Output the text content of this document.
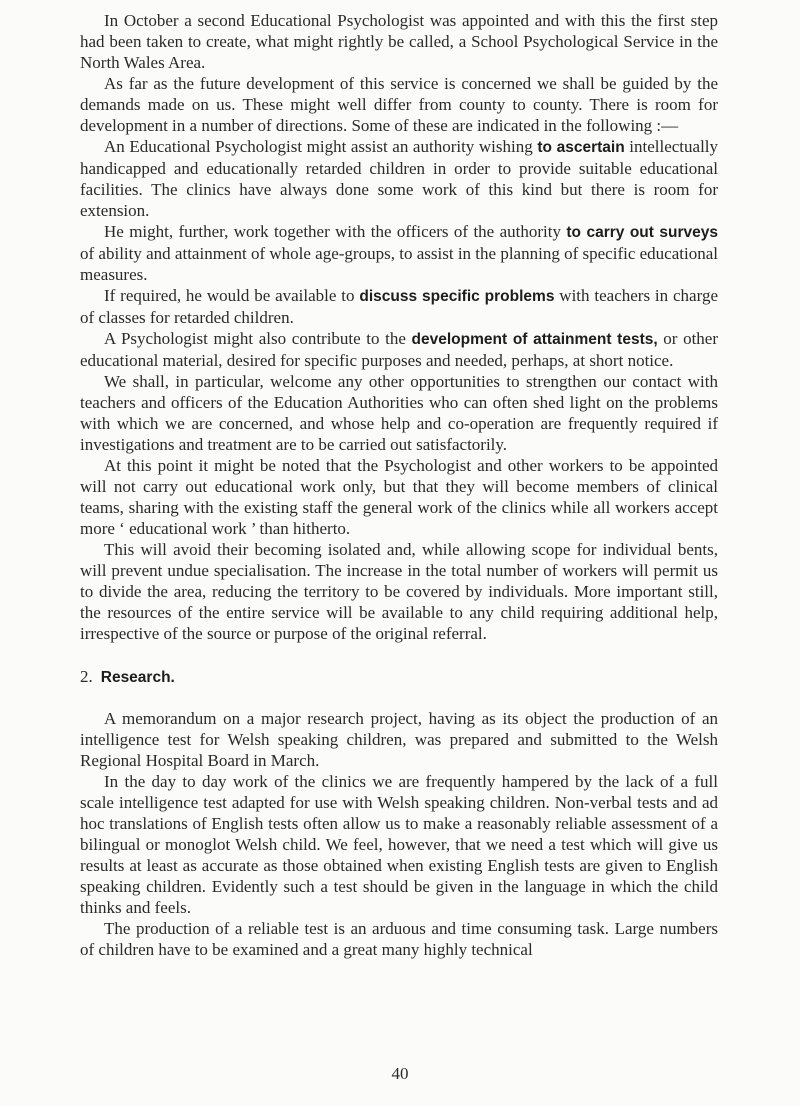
In October a second Educational Psychologist was appointed and with this the first step had been taken to create, what might rightly be called, a School Psychological Service in the North Wales Area.

As far as the future development of this service is concerned we shall be guided by the demands made on us. These might well differ from county to county. There is room for development in a number of directions. Some of these are indicated in the following :—

An Educational Psychologist might assist an authority wishing to ascertain intellectually handicapped and educationally retarded children in order to provide suitable educational facilities. The clinics have always done some work of this kind but there is room for extension.

He might, further, work together with the officers of the authority to carry out surveys of ability and attainment of whole age-groups, to assist in the planning of specific educational measures.

If required, he would be available to discuss specific problems with teachers in charge of classes for retarded children.

A Psychologist might also contribute to the development of attainment tests, or other educational material, desired for specific purposes and needed, perhaps, at short notice.

We shall, in particular, welcome any other opportunities to strengthen our contact with teachers and officers of the Education Authorities who can often shed light on the problems with which we are concerned, and whose help and co-operation are frequently required if investigations and treatment are to be carried out satisfactorily.

At this point it might be noted that the Psychologist and other workers to be appointed will not carry out educational work only, but that they will become members of clinical teams, sharing with the existing staff the general work of the clinics while all workers accept more ‘ educational work ’ than hitherto.

This will avoid their becoming isolated and, while allowing scope for individual bents, will prevent undue specialisation. The increase in the total number of workers will permit us to divide the area, reducing the territory to be covered by individuals. More important still, the resources of the entire service will be available to any child requiring additional help, irrespective of the source or purpose of the original referral.

2. Research.

A memorandum on a major research project, having as its object the production of an intelligence test for Welsh speaking children, was prepared and submitted to the Welsh Regional Hospital Board in March.

In the day to day work of the clinics we are frequently hampered by the lack of a full scale intelligence test adapted for use with Welsh speaking children. Non-verbal tests and ad hoc translations of English tests often allow us to make a reasonably reliable assessment of a bilingual or monoglot Welsh child. We feel, however, that we need a test which will give us results at least as accurate as those obtained when existing English tests are given to English speaking children. Evidently such a test should be given in the language in which the child thinks and feels.

The production of a reliable test is an arduous and time consuming task. Large numbers of children have to be examined and a great many highly technical

40
